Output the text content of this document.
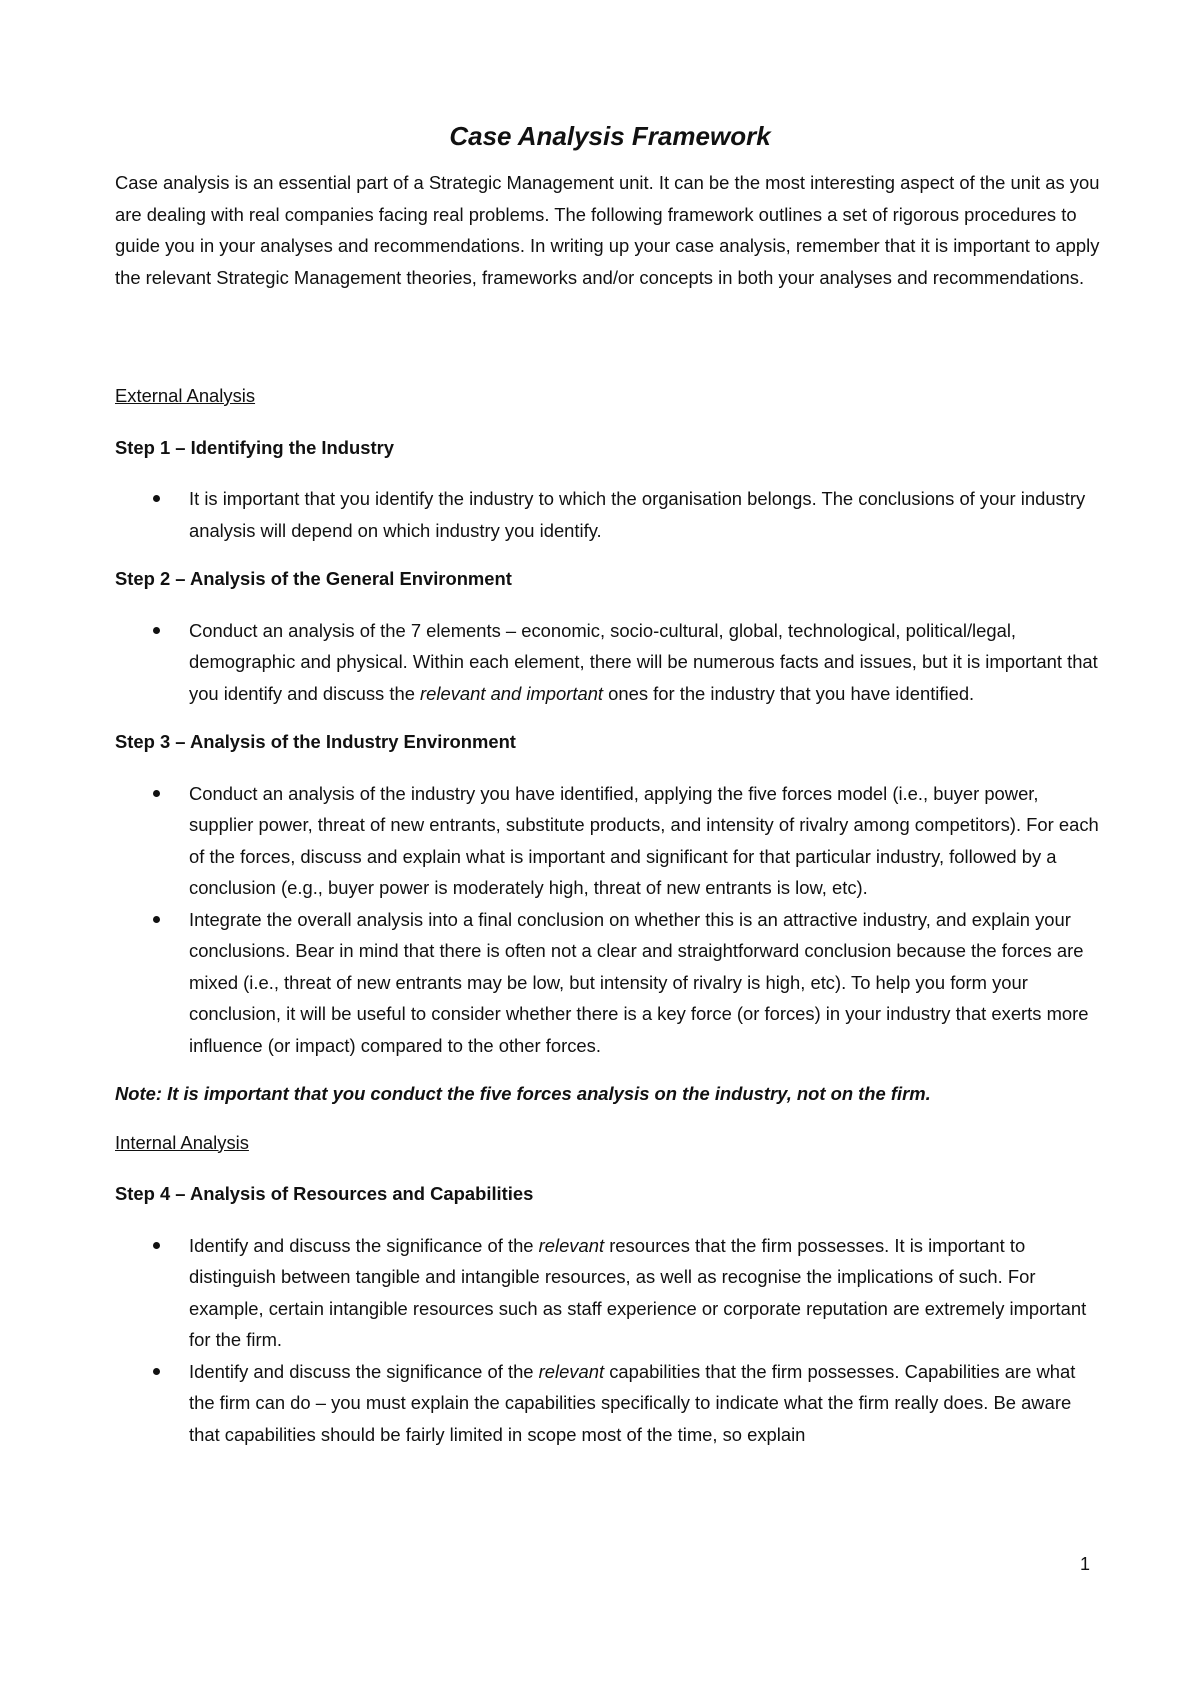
Case Analysis Framework

Case analysis is an essential part of a Strategic Management unit. It can be the most interesting aspect of the unit as you are dealing with real companies facing real problems. The following framework outlines a set of rigorous procedures to guide you in your analyses and recommendations. In writing up your case analysis, remember that it is important to apply the relevant Strategic Management theories, frameworks and/or concepts in both your analyses and recommendations.

External Analysis

Step 1 – Identifying the Industry

It is important that you identify the industry to which the organisation belongs. The conclusions of your industry analysis will depend on which industry you identify.

Step 2 – Analysis of the General Environment

Conduct an analysis of the 7 elements – economic, socio-cultural, global, technological, political/legal, demographic and physical. Within each element, there will be numerous facts and issues, but it is important that you identify and discuss the relevant and important ones for the industry that you have identified.

Step 3 – Analysis of the Industry Environment

Conduct an analysis of the industry you have identified, applying the five forces model (i.e., buyer power, supplier power, threat of new entrants, substitute products, and intensity of rivalry among competitors). For each of the forces, discuss and explain what is important and significant for that particular industry, followed by a conclusion (e.g., buyer power is moderately high, threat of new entrants is low, etc).
Integrate the overall analysis into a final conclusion on whether this is an attractive industry, and explain your conclusions. Bear in mind that there is often not a clear and straightforward conclusion because the forces are mixed (i.e., threat of new entrants may be low, but intensity of rivalry is high, etc). To help you form your conclusion, it will be useful to consider whether there is a key force (or forces) in your industry that exerts more influence (or impact) compared to the other forces.

Note: It is important that you conduct the five forces analysis on the industry, not on the firm.

Internal Analysis

Step 4 – Analysis of Resources and Capabilities

Identify and discuss the significance of the relevant resources that the firm possesses. It is important to distinguish between tangible and intangible resources, as well as recognise the implications of such. For example, certain intangible resources such as staff experience or corporate reputation are extremely important for the firm.
Identify and discuss the significance of the relevant capabilities that the firm possesses. Capabilities are what the firm can do – you must explain the capabilities specifically to indicate what the firm really does. Be aware that capabilities should be fairly limited in scope most of the time, so explain
1
